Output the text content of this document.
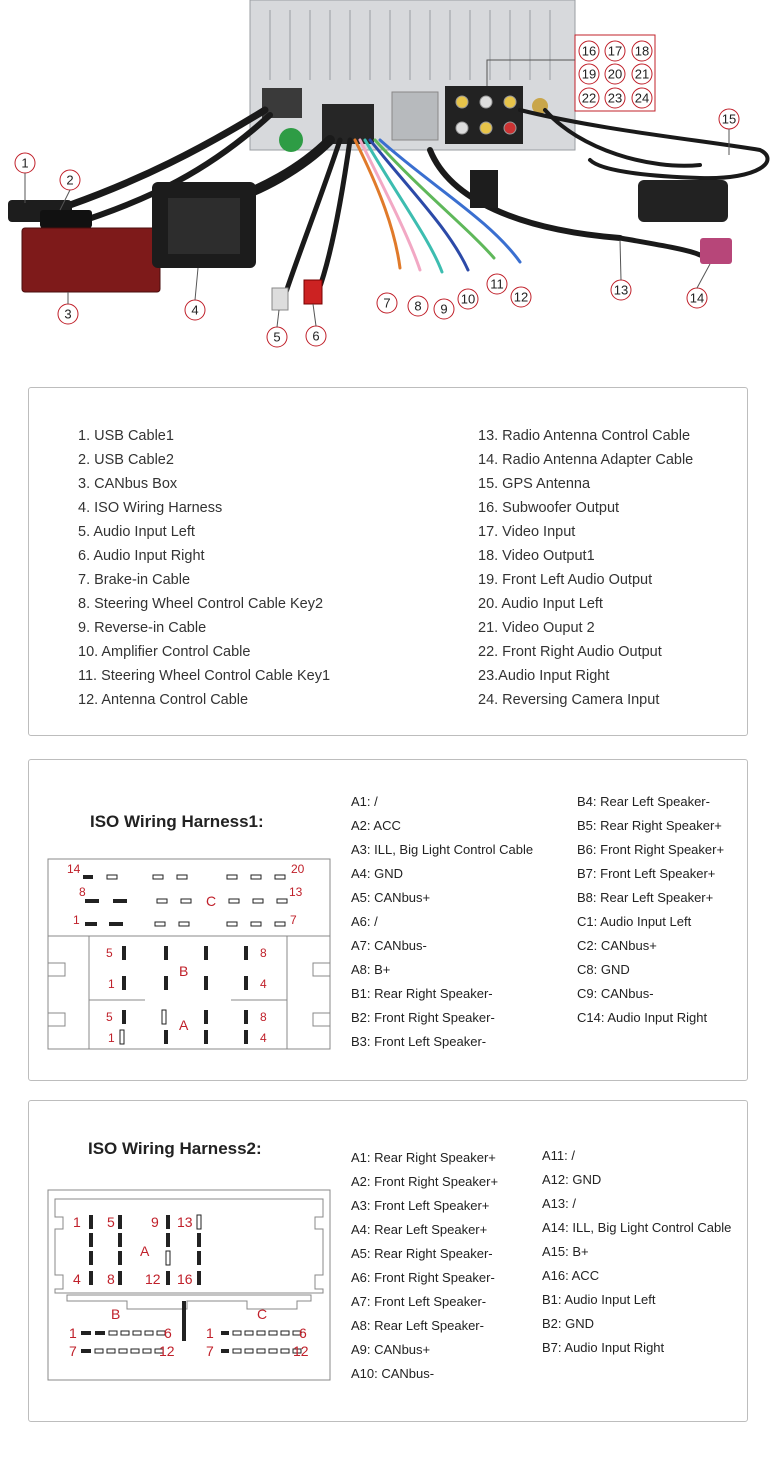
1
2
3	4
5 6
7 8 9
10
11
12	13
14
15
16 17 18
19 20 21
22 23 24
1. USB Cable1
2. USB Cable2
3. CANbus Box
4. ISO Wiring Harness
5. Audio Input Left
6. Audio Input Right
7. Brake-in Cable
8. Steering Wheel Control Cable Key2
9. Reverse-in Cable
10. Amplifier Control Cable
11. Steering Wheel Control Cable Key1
12. Antenna Control Cable
13. Radio Antenna Control Cable
14. Radio Antenna Adapter Cable
15. GPS Antenna
16. Subwoofer Output
17. Video Input
18. Video Output1
19. Front Left Audio Output
20. Audio Input Left
21. Video Ouput 2
22. Front Right Audio Output
23.Audio Input Right
24. Reversing Camera Input
ISO Wiring Harness1:
14	20
8	13
1	7
C
B
A
5	8
1	4
5	8
1	4
A1: /
A2: ACC
A3: ILL, Big Light Control Cable
A4: GND
A5: CANbus+
A6: /
A7: CANbus-
A8: B+
B1: Rear Right Speaker-
B2: Front Right Speaker-
B3: Front Left Speaker-
B4: Rear Left Speaker-
B5: Rear Right Speaker+
B6: Front Right Speaker+
B7: Front Left Speaker+
B8: Rear Left Speaker+
C1: Audio Input Left
C2: CANbus+
C8: GND
C9: CANbus-
C14: Audio Input Right
ISO Wiring Harness2:
1 5	9 13
4 8 12 16
A
B	C
1	6
7	12
1	6
7	12
A1: Rear Right Speaker+
A2: Front Right Speaker+
A3: Front Left Speaker+
A4: Rear Left Speaker+
A5: Rear Right Speaker-
A6: Front Right Speaker-
A7: Front Left Speaker-
A8: Rear Left Speaker-
A9: CANbus+
A10: CANbus-
A11: /
A12: GND
A13: /
A14: ILL, Big Light Control Cable
A15: B+
A16: ACC
B1: Audio Input Left
B2: GND
B7: Audio Input Right
